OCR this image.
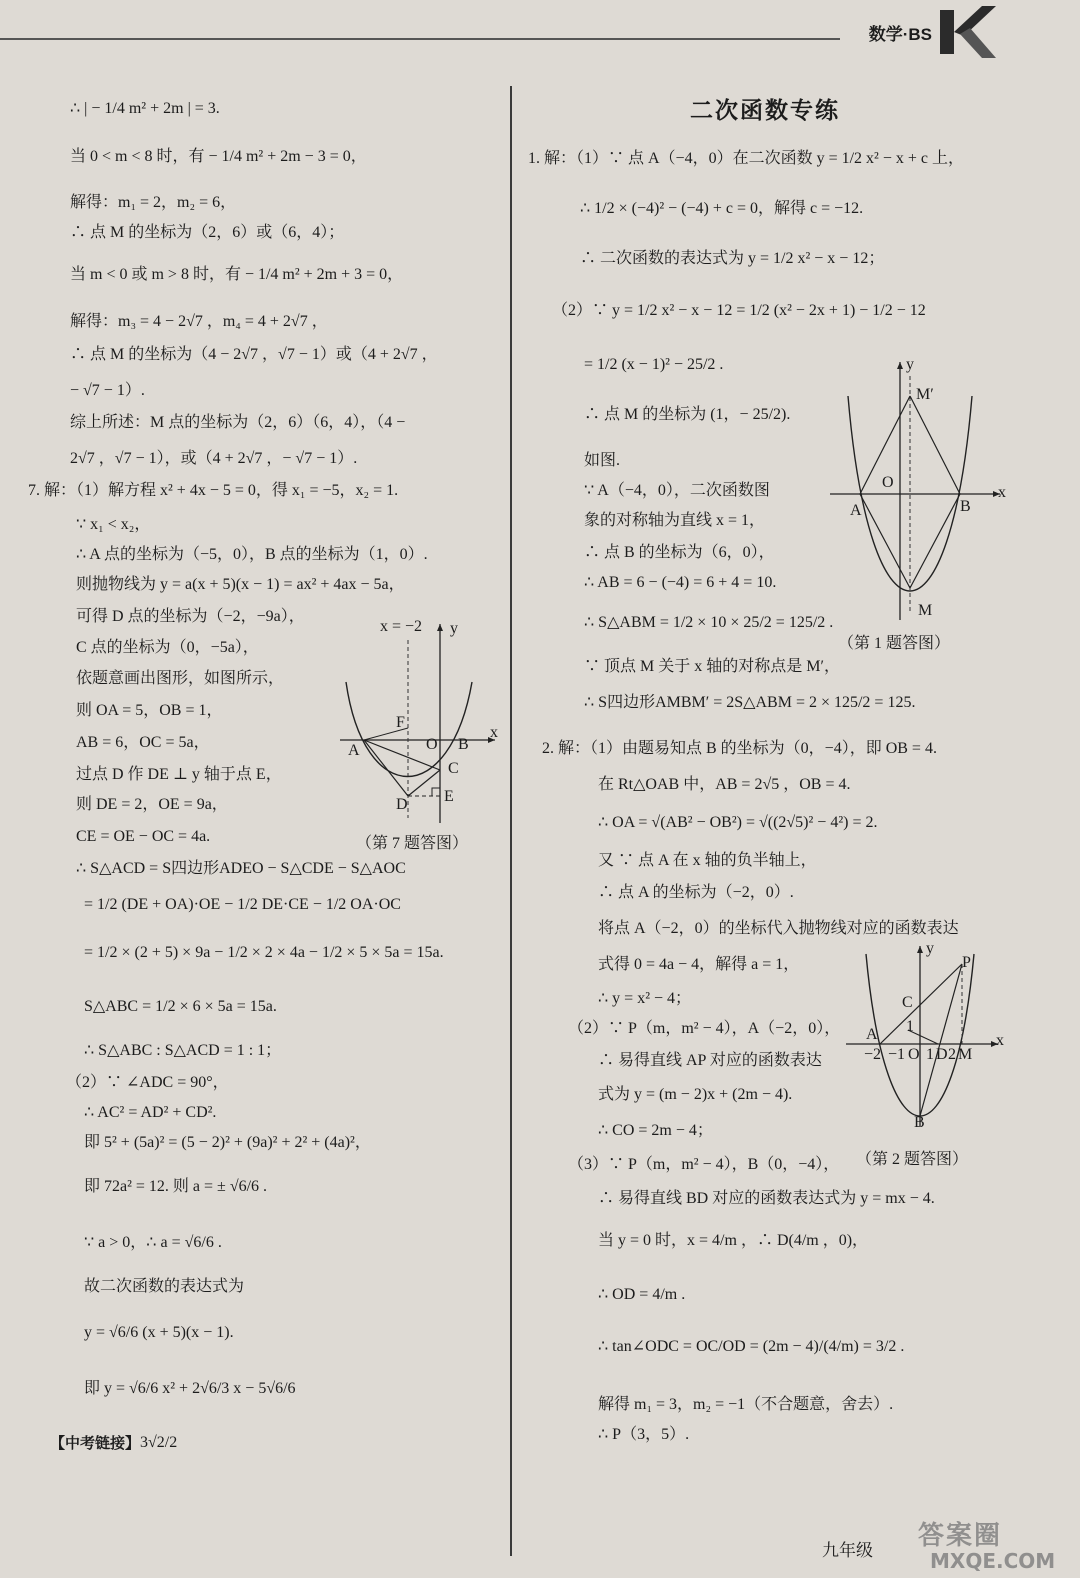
数学·BS
∴ | − 1/4 m² + 2m | = 3.
当 0 < m < 8 时，有 − 1/4 m² + 2m − 3 = 0，
解得：m₁ = 2，m₂ = 6，
∴ 点 M 的坐标为（2，6）或（6，4）；
当 m < 0 或 m > 8 时，有 − 1/4 m² + 2m + 3 = 0，
解得：m₃ = 4 − 2√7 ，m₄ = 4 + 2√7 ，
∴ 点 M 的坐标为（4 − 2√7 ，√7 − 1）或（4 + 2√7 ，
− √7 − 1）.
综上所述：M 点的坐标为（2，6）（6，4），（4 −
2√7 ，√7 − 1），或（4 + 2√7 ，− √7 − 1）.
7. 解：（1）解方程 x² + 4x − 5 = 0，得 x₁ = −5，x₂ = 1.
∵ x₁ < x₂，
∴ A 点的坐标为（−5，0），B 点的坐标为（1，0）.
则抛物线为 y = a(x + 5)(x − 1) = ax² + 4ax − 5a，
可得 D 点的坐标为（−2，−9a），
C 点的坐标为（0，−5a），
依题意画出图形，如图所示，
则 OA = 5，OB = 1，
AB = 6，OC = 5a，
过点 D 作 DE ⊥ y 轴于点 E，
则 DE = 2，OE = 9a，
CE = OE − OC = 4a.
∴ S△ACD = S四边形ADEO − S△CDE − S△AOC
= 1/2 (DE + OA)·OE − 1/2 DE·CE − 1/2 OA·OC
= 1/2 × (2 + 5) × 9a − 1/2 × 2 × 4a − 1/2 × 5 × 5a = 15a.
S△ABC = 1/2 × 6 × 5a = 15a.
∴ S△ABC : S△ACD = 1 : 1；
（2）∵ ∠ADC = 90°，
∴ AC² = AD² + CD².
即 5² + (5a)² = (5 − 2)² + (9a)² + 2² + (4a)²，
即 72a² = 12. 则 a = ± √6/6 .
∵ a > 0，∴ a = √6/6 .
故二次函数的表达式为
y = √6/6 (x + 5)(x − 1).
即 y = √6/6 x² + 2√6/3 x − 5√6/6
【中考链接】 3√2/2
x = −2
A
F
O B
C
D E
x
y
（第 7 题答图）
二次函数专练
1. 解：（1）∵ 点 A（−4，0）在二次函数 y = 1/2 x² − x + c 上，
∴ 1/2 × (−4)² − (−4) + c = 0，解得 c = −12.
∴ 二次函数的表达式为 y = 1/2 x² − x − 12；
（2）∵ y = 1/2 x² − x − 12 = 1/2 (x² − 2x + 1) − 1/2 − 12
= 1/2 (x − 1)² − 25/2 .
∴ 点 M 的坐标为 (1，− 25/2).
如图.
∵ A（−4，0），二次函数图
象的对称轴为直线 x = 1，
∴ 点 B 的坐标为（6，0），
∴ AB = 6 − (−4) = 6 + 4 = 10.
∴ S△ABM = 1/2 × 10 × 25/2 = 125/2 .
∵ 顶点 M 关于 x 轴的对称点是 M′，
∴ S四边形AMBM′ = 2S△ABM = 2 × 125/2 = 125.
2. 解：（1）由题易知点 B 的坐标为（0，−4），即 OB = 4.
在 Rt△OAB 中，AB = 2√5 ，OB = 4.
∴ OA = √(AB² − OB²) = √((2√5)² − 4²) = 2.
又 ∵ 点 A 在 x 轴的负半轴上，
∴ 点 A 的坐标为（−2，0）.
将点 A（−2，0）的坐标代入抛物线对应的函数表达
式得 0 = 4a − 4，解得 a = 1，
∴ y = x² − 4；
（2）∵ P（m，m² − 4），A（−2，0），
∴ 易得直线 AP 对应的函数表达
式为 y = (m − 2)x + (2m − 4).
∴ CO = 2m − 4；
（3）∵ P（m，m² − 4），B（0，−4），
∴ 易得直线 BD 对应的函数表达式为 y = mx − 4.
当 y = 0 时，x = 4/m ，∴ D(4/m ，0)，
∴ OD = 4/m .
∴ tan∠ODC = OC/OD = (2m − 4)/(4/m) = 3/2 .
解得 m₁ = 3，m₂ = −1（不合题意，舍去）.
∴ P（3，5）.
M′
O
A	B
M
x
y
（第 1 题答图）
y
P
C
A 1
−2 −1 O 1 D 2 M
x
B
（第 2 题答图）
九年级 答案圈
MXQE.COM
